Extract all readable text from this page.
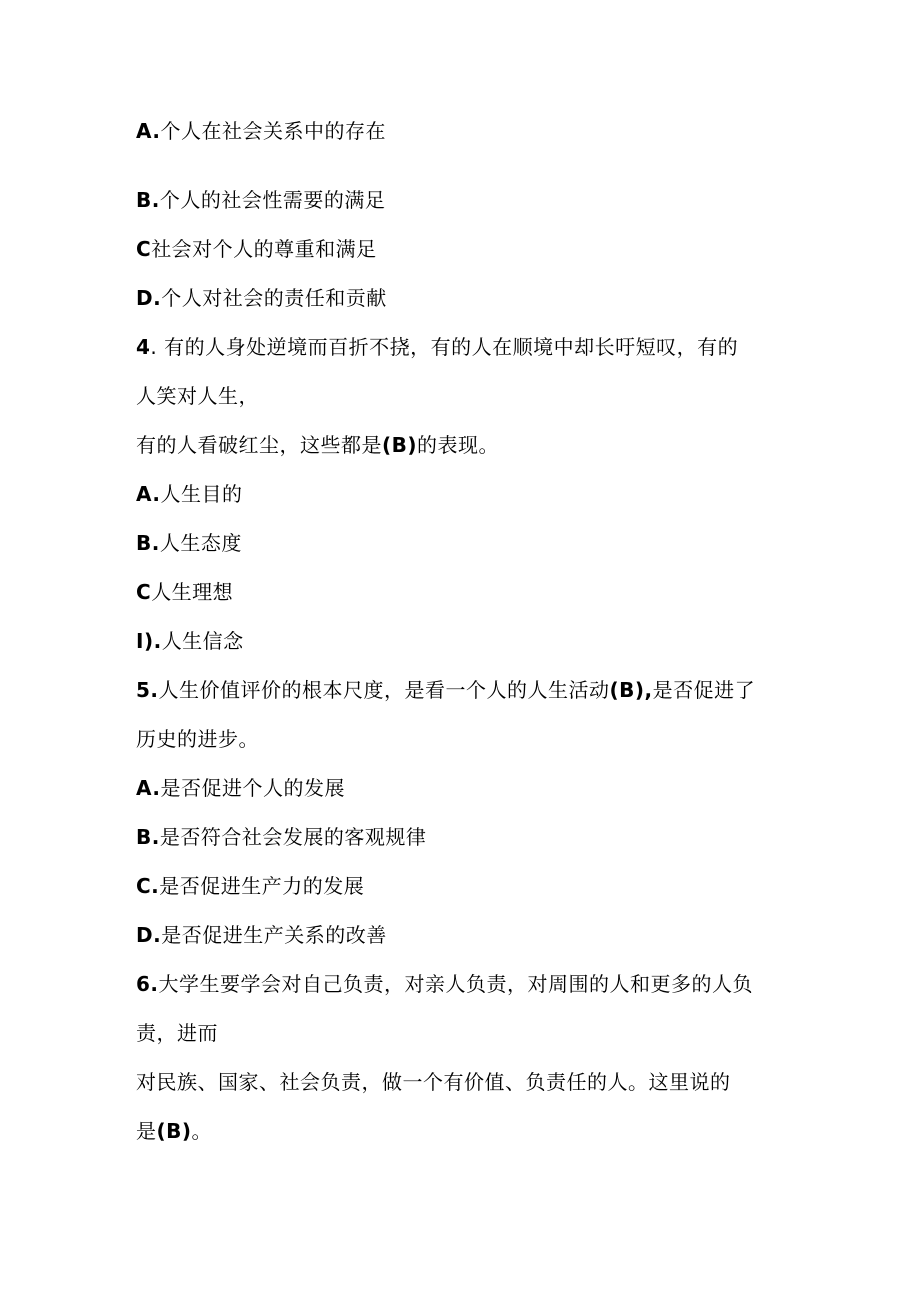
A.个人在社会关系中的存在
B.个人的社会性需要的满足
C社会对个人的尊重和满足
D.个人对社会的责任和贡献
4. 有的人身处逆境而百折不挠，有的人在顺境中却长吁短叹，有的
人笑对人生，
有的人看破红尘，这些都是(B)的表现。
A.人生目的
B.人生态度
C人生理想
I).人生信念
5.人生价值评价的根本尺度，是看一个人的人生活动(B),是否促进了
历史的进步。
A.是否促进个人的发展
B.是否符合社会发展的客观规律
C.是否促进生产力的发展
D.是否促进生产关系的改善
6.大学生要学会对自己负责，对亲人负责，对周围的人和更多的人负
责，进而
对民族、国家、社会负责，做一个有价值、负责任的人。这里说的
是(B)。
